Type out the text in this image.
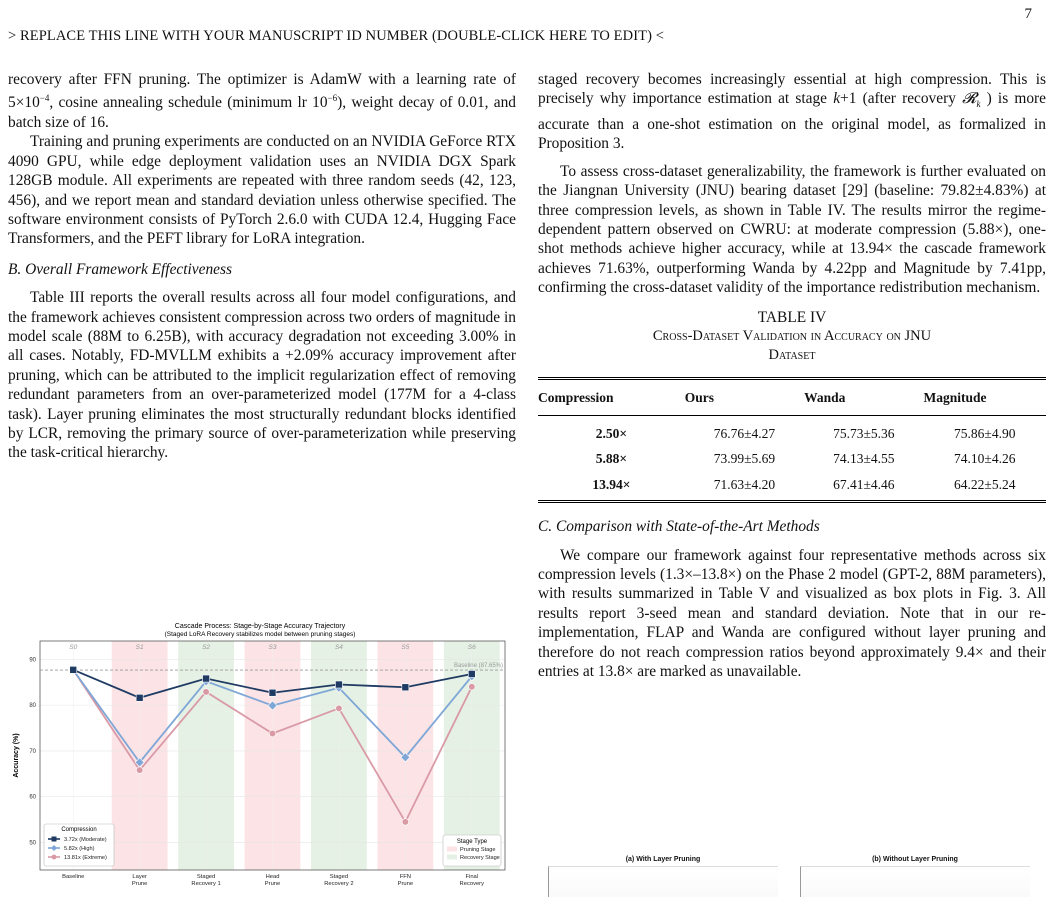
7
> REPLACE THIS LINE WITH YOUR MANUSCRIPT ID NUMBER (DOUBLE-CLICK HERE TO EDIT) <

recovery after FFN pruning. The optimizer is AdamW with a learning rate of $5\times 10^{-4}$, cosine annealing schedule (minimum lr $10^{-6}$), weight decay of 0.01, and batch size of 16.

Training and pruning experiments are conducted on an NVIDIA GeForce RTX 4090 GPU, while edge deployment validation uses an NVIDIA DGX Spark 128GB module. All experiments are repeated with three random seeds (42, 123, 456), and we report mean and standard deviation unless otherwise specified. The software environment consists of PyTorch 2.6.0 with CUDA 12.4, Hugging Face Transformers, and the PEFT library for LoRA integration.

B. Overall Framework Effectiveness

Table III reports the overall results across all four model configurations, and the framework achieves consistent compression across two orders of magnitude in model scale (88M to 6.25B), with accuracy degradation not exceeding 3.00% in all cases. Notably, FD-MVLLM exhibits a +2.09% accuracy improvement after pruning, which can be attributed to the implicit regularization effect of removing redundant parameters from an over-parameterized model (177M for a 4-class task). Layer pruning eliminates the most structurally redundant blocks identified by LCR, removing the primary source of over-parameterization while preserving the task-critical hierarchy.

staged recovery becomes increasingly essential at high compression. This is precisely why importance estimation at stage k+1 (after recovery 𝓡$_k$ ) is more accurate than a one-shot estimation on the original model, as formalized in Proposition 3.

To assess cross-dataset generalizability, the framework is further evaluated on the Jiangnan University (JNU) bearing dataset [29] (baseline: 79.82±4.83%) at three compression levels, as shown in Table IV. The results mirror the regime-dependent pattern observed on CWRU: at moderate compression (5.88×), one-shot methods achieve higher accuracy, while at 13.94× the cascade framework achieves 71.63%, outperforming Wanda by 4.22pp and Magnitude by 7.41pp, confirming the cross-dataset validity of the importance redistribution mechanism.

TABLE IV
Cross-Dataset Validation in Accuracy on JNU
Dataset
Compression	Ours	Wanda	Magnitude
2.50×	76.76±4.27	75.73±5.36	75.86±4.90
5.88×	73.99±5.69	74.13±4.55	74.10±4.26
13.94×	71.63±4.20	67.41±4.46	64.22±5.24

C. Comparison with State-of-the-Art Methods

We compare our framework against four representative methods across six compression levels (1.3×–13.8×) on the Phase 2 model (GPT-2, 88M parameters), with results summarized in Table V and visualized as box plots in Fig. 3. All results report 3-seed mean and standard deviation. Note that in our re-implementation, FLAP and Wanda are configured without layer pruning and therefore do not reach compression ratios beyond approximately 9.4× and their entries at 13.8× are marked as unavailable.

(a) With Layer Pruning	(b) Without Layer Pruning
Cascade Process: Stage-by-Stage Accuracy Trajectory
(Staged LoRA Recovery stabilizes model between pruning stages)
50
60
70
80
90
Accuracy (%)
S0	S1	S2	S3	S4	S5	S6
Baseline	Layer
Prune
Staged
Recovery 1
Head
Prune
Staged
Recovery 2
FFN
Prune
Final
Recovery
Baseline (87.65%)
Compression
3.72x (Moderate)
5.82x (High)
13.81x (Extreme)
Stage Type
Pruning Stage
Recovery Stage
